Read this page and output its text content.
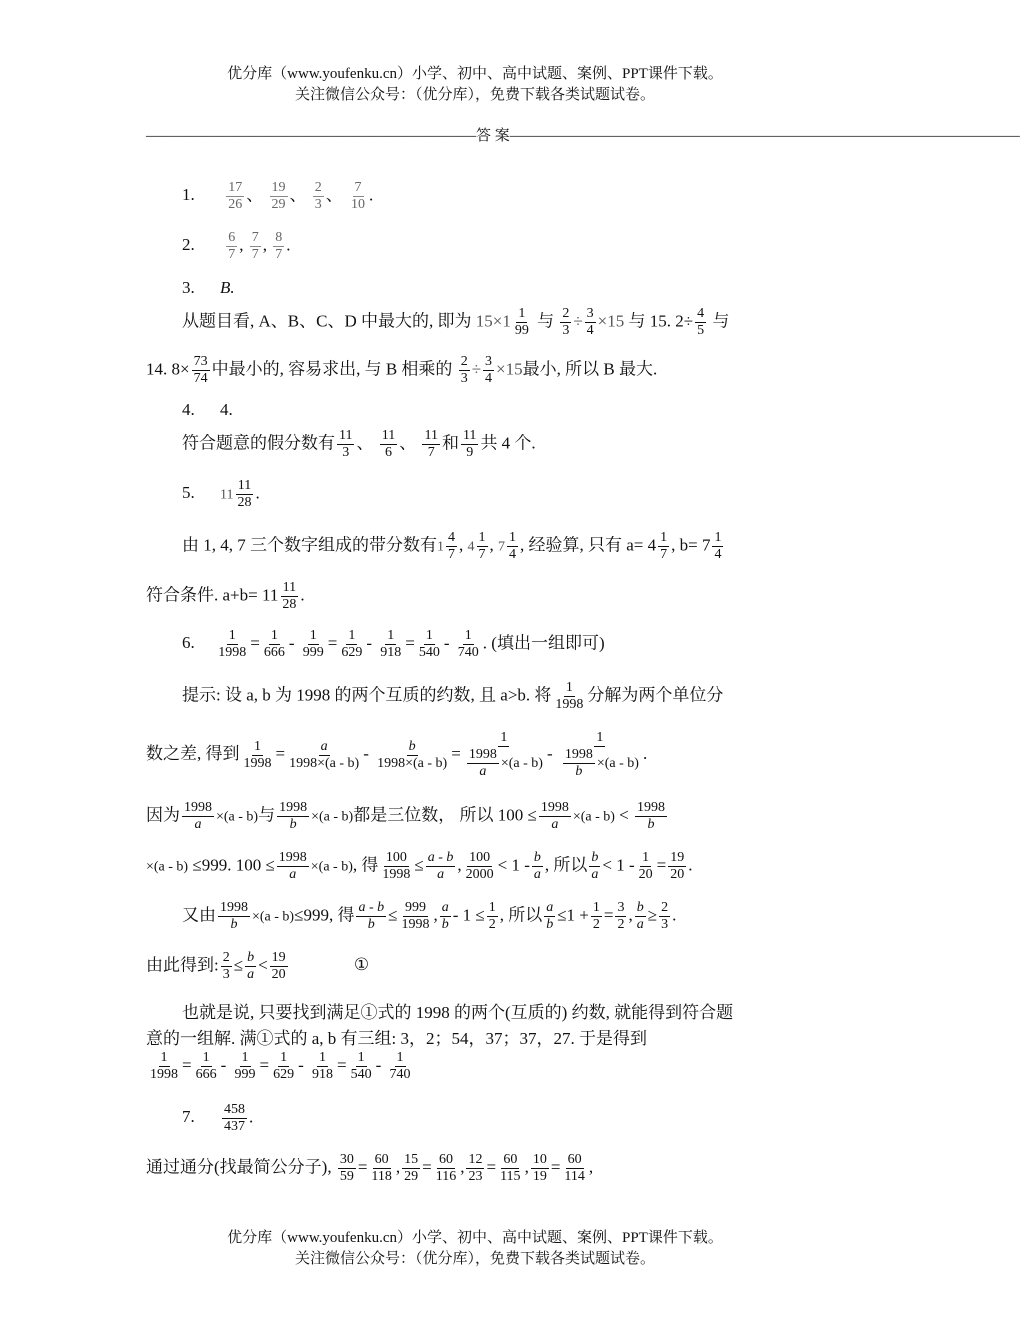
优分库（www.youfenku.cn）小学、初中、高中试题、案例、PPT课件下载。

关注微信公众号：（优分库），免费下载各类试题试卷。

——————————————————————答 案——————————————————————————————————
1. $\frac{17}{26}$ 、 $\frac{19}{29}$ 、 $\frac{2}{3}$ 、 $\frac{7}{10}$ .
2. $\frac{6}{7}$ , $\frac{7}{7}$ , $\frac{8}{7}$ .
3. B.
从题目看, A、B、C、D 中最大的, 即为 $15\times 1 \frac{1}{99}$ 与 $\frac{2}{3} \div \frac{3}{4} \times 15$ 与 15. $2\div \frac{4}{5}$ 与
14. $8\times \frac{73}{74}$ 中最小的, 容易求出, 与 B 相乘的 $\frac{2}{3} \div \frac{3}{4} \times 15$最小, 所以 B 最大.
4. 4.
符合题意的假分数有 $\frac{11}{3}$ 、 $\frac{11}{6}$ 、 $\frac{11}{7}$ 和 $\frac{11}{9}$ 共 4 个.
5. $11 \frac{11}{28}$ .
由 1, 4, 7 三个数字组成的带分数有$1 \frac{4}{7}$ , $4 \frac{1}{7}$ , $7 \frac{1}{4}$ , 经验算, 只有 $a= 4 \frac{1}{7}$ , $b= 7 \frac{1}{4}$
符合条件. $a+b= 11 \frac{11}{28}$ .
6. $\frac{1}{1998} = \frac{1}{666} - \frac{1}{999} = \frac{1}{629} - \frac{1}{918} = \frac{1}{540} - \frac{1}{740}$ . (填出一组即可)
提示: 设 a, b 为 1998 的两个互质的约数, 且 a>b. 将 $\frac{1}{1998}$ 分解为两个单位分
数之差, 得到 $\frac{1}{1998} = \frac{a}{1998\times(a - b)} - \frac{b}{1998\times(a - b)} = \frac{1}{\frac{1998}{a} \times(a - b)} - \frac{1}{\frac{1998}{b} \times(a - b)}$ .
因为 $\frac{1998}{a} \times(a - b)$与 $\frac{1998}{b} \times(a - b)$都是三位数， 所以 $100 \le \frac{1998}{a} \times(a - b) < \frac{1998}{b}$
×(a - b) ≤999. $100 \le \frac{1998}{a} \times(a - b)$, 得 $\frac{100}{1998} \le \frac{a - b}{a}$ , $\frac{100}{2000} < 1 - \frac{b}{a}$ , 所以 $\frac{b}{a} < 1 - \frac{1}{20} = \frac{19}{20}$ .
又由 $\frac{1998}{b} \times(a - b)\le 999$, 得 $\frac{a - b}{b} \le \frac{999}{1998}$ , $\frac{a}{b} - 1 \le \frac{1}{2}$ , 所以 $\frac{a}{b} \le 1 + \frac{1}{2} = \frac{3}{2}$ , $\frac{b}{a} \ge \frac{2}{3}$ .
由此得到: $\frac{2}{3} \le \frac{b}{a} < \frac{19}{20}$	①
也就是说, 只要找到满足①式的 1998 的两个(互质的) 约数, 就能得到符合题
意的一组解. 满①式的 a, b 有三组: 3，2；54，37；37，27. 于是得到
$\frac{1}{1998} = \frac{1}{666} - \frac{1}{999} = \frac{1}{629} - \frac{1}{918} = \frac{1}{540} - \frac{1}{740}$
7. $\frac{458}{437}$ .
通过通分(找最简公分子), $\frac{30}{59} = \frac{60}{118}$ , $\frac{15}{29} = \frac{60}{116}$ , $\frac{12}{23} = \frac{60}{115}$ , $\frac{10}{19} = \frac{60}{114}$ ,

优分库（www.youfenku.cn）小学、初中、高中试题、案例、PPT课件下载。

关注微信公众号：（优分库），免费下载各类试题试卷。
